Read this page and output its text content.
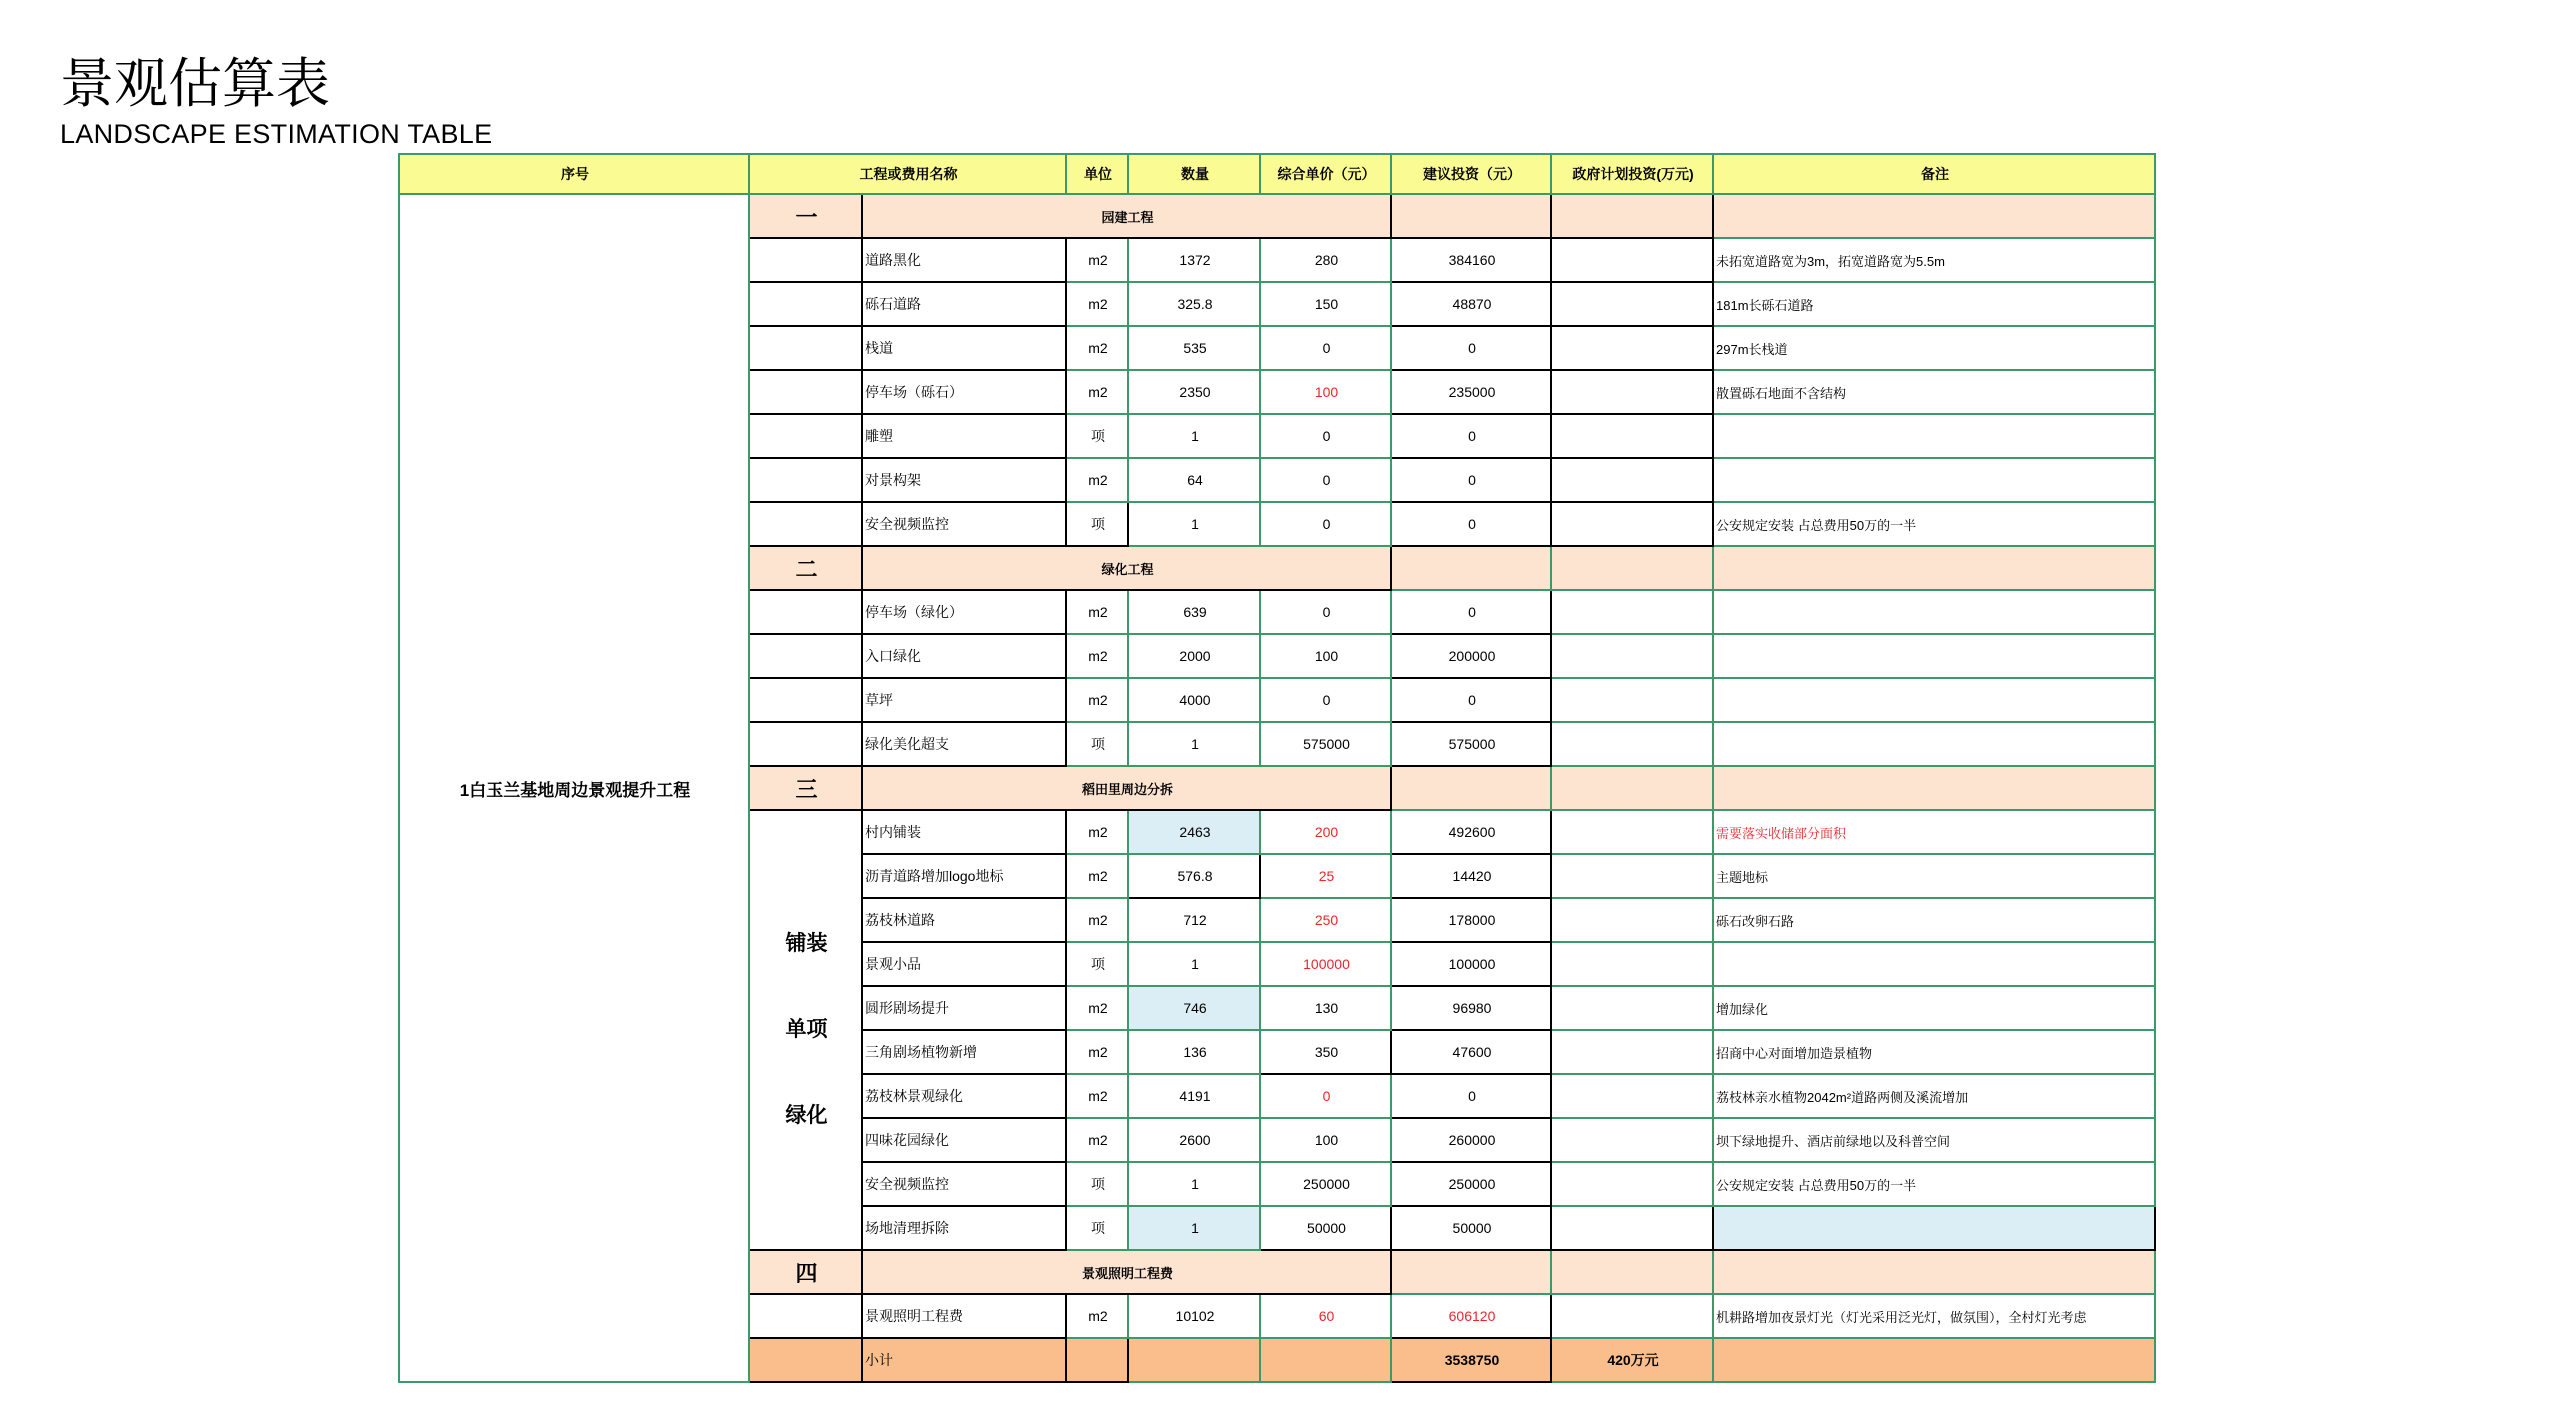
景观估算表
LANDSCAPE ESTIMATION TABLE
序号	工程或费用名称		单位	数量	综合单价（元）	建议投资（元）	政府计划投资(万元)	备注
1白玉兰基地周边景观提升工程	一	园建工程						
		道路黑化	m2	1372	280	384160		未拓宽道路宽为3m，拓宽道路宽为5.5m
		砾石道路	m2	325.8	150	48870		181m长砾石道路
		栈道	m2	535	0	0		297m长栈道
		停车场（砾石）	m2	2350	100	235000		散置砾石地面不含结构
		雕塑	项	1	0	0		
		对景构架	m2	64	0	0		
		安全视频监控	项	1	0	0		公安规定安装 占总费用50万的一半
	二	绿化工程						
		停车场（绿化）	m2	639	0	0		
		入口绿化	m2	2000	100	200000		
		草坪	m2	4000	0	0		
		绿化美化超支	项	1	575000	575000		
	三	稻田里周边分拆						

	铺装
单项
绿化	村内铺装	m2	2463	200	492600		需要落实收储部分面积
		沥青道路增加logo地标	m2	576.8	25	14420		主题地标
		荔枝林道路	m2	712	250	178000		砾石改卵石路
		景观小品	项	1	100000	100000		
		圆形剧场提升	m2	746	130	96980		增加绿化
		三角剧场植物新增	m2	136	350	47600		招商中心对面增加造景植物
		荔枝林景观绿化	m2	4191	0	0		荔枝林亲水植物2042m²道路两侧及溪流增加
		四味花园绿化	m2	2600	100	260000		坝下绿地提升、酒店前绿地以及科普空间
		安全视频监控	项	1	250000	250000		公安规定安装 占总费用50万的一半
		场地清理拆除	项	1	50000	50000		
	四	景观照明工程费						
		景观照明工程费	m2	10102	60	606120		机耕路增加夜景灯光（灯光采用泛光灯，做氛围），全村灯光考虑
		小计				3538750	420万元	
